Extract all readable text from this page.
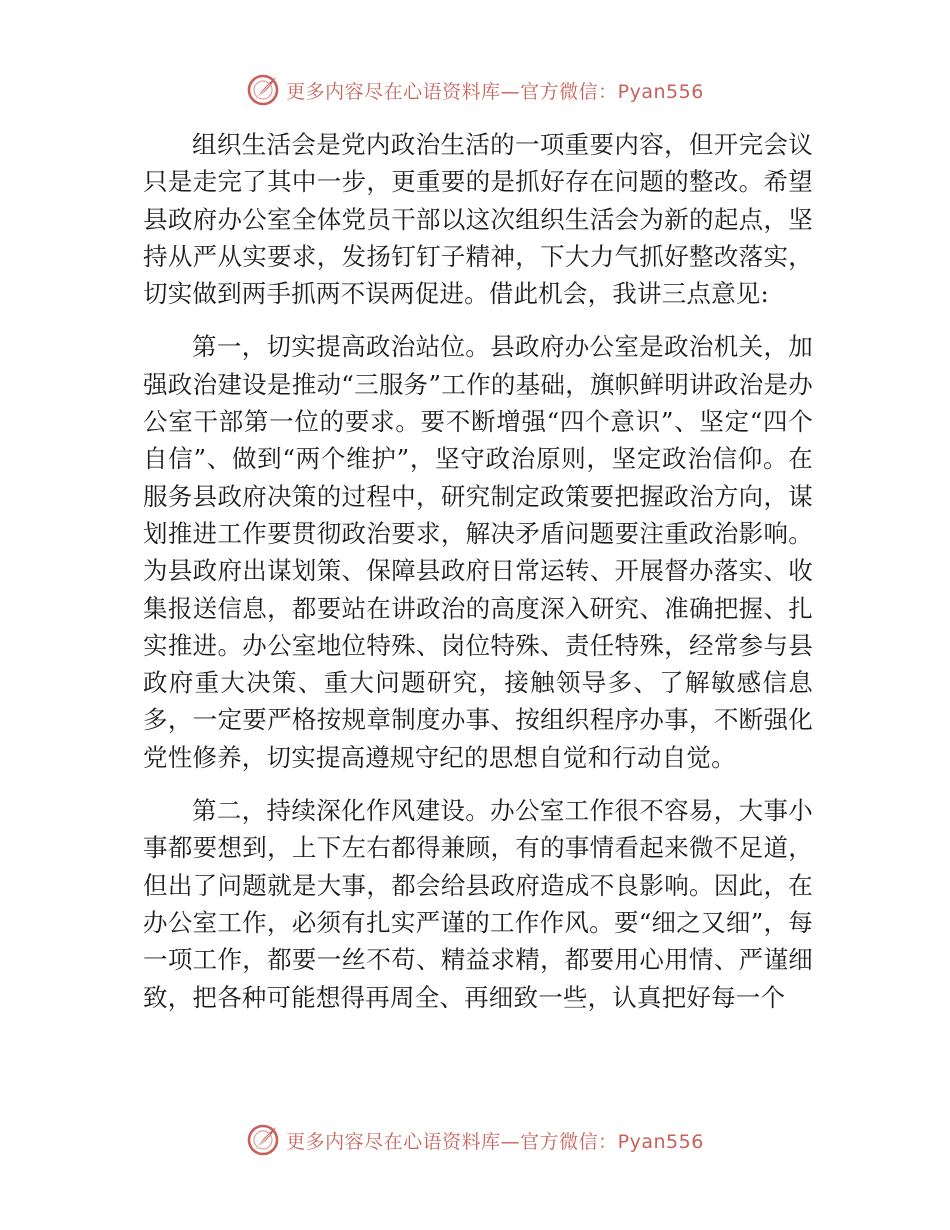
更多内容尽在心语资料库—官方微信：Pyan556

组织生活会是党内政治生活的一项重要内容，但开完会议只是走完了其中一步，更重要的是抓好存在问题的整改。希望县政府办公室全体党员干部以这次组织生活会为新的起点，坚持从严从实要求，发扬钉钉子精神，下大力气抓好整改落实，切实做到两手抓两不误两促进。借此机会，我讲三点意见:

第一，切实提高政治站位。县政府办公室是政治机关，加强政治建设是推动“三服务”工作的基础，旗帜鲜明讲政治是办公室干部第一位的要求。要不断增强“四个意识”、坚定“四个自信”、做到“两个维护”，坚守政治原则，坚定政治信仰。在服务县政府决策的过程中，研究制定政策要把握政治方向，谋划推进工作要贯彻政治要求，解决矛盾问题要注重政治影响。为县政府出谋划策、保障县政府日常运转、开展督办落实、收集报送信息，都要站在讲政治的高度深入研究、准确把握、扎实推进。办公室地位特殊、岗位特殊、责任特殊，经常参与县政府重大决策、重大问题研究，接触领导多、了解敏感信息多，一定要严格按规章制度办事、按组织程序办事，不断强化党性修养，切实提高遵规守纪的思想自觉和行动自觉。

第二，持续深化作风建设。办公室工作很不容易，大事小事都要想到，上下左右都得兼顾，有的事情看起来微不足道，但出了问题就是大事，都会给县政府造成不良影响。因此，在办公室工作，必须有扎实严谨的工作作风。要“细之又细”，每一项工作，都要一丝不苟、精益求精，都要用心用情、严谨细致，把各种可能想得再周全、再细致一些，认真把好每一个

更多内容尽在心语资料库—官方微信：Pyan556
